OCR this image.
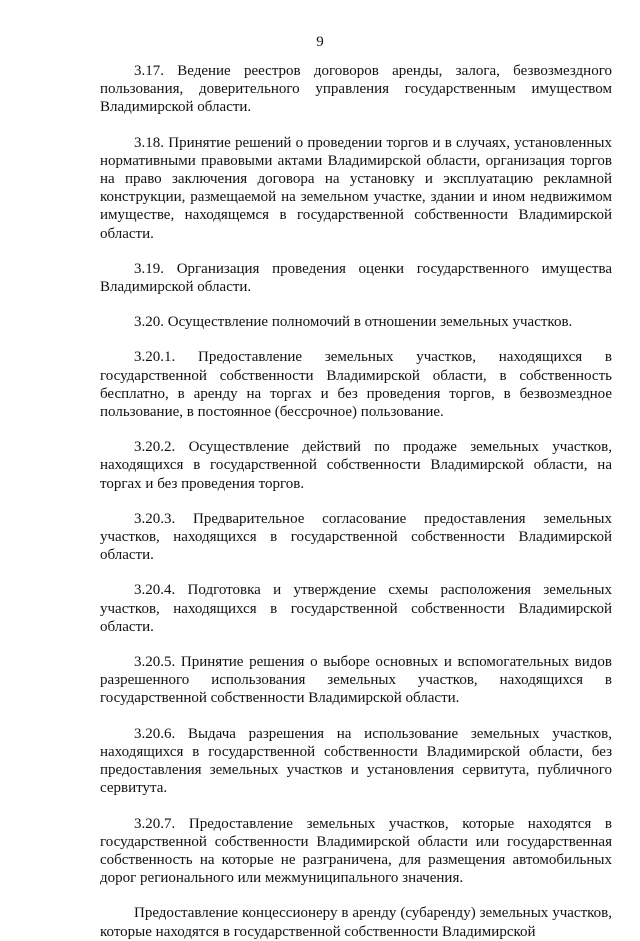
9

3.17. Ведение реестров договоров аренды, залога, безвозмездного пользования, доверительного управления государственным имуществом Владимирской области.

3.18. Принятие решений о проведении торгов и в случаях, установленных нормативными правовыми актами Владимирской области, организация торгов на право заключения договора на установку и эксплуатацию рекламной конструкции, размещаемой на земельном участке, здании и ином недвижимом имуществе, находящемся в государственной собственности Владимирской области.

3.19. Организация проведения оценки государственного имущества Владимирской области.

3.20. Осуществление полномочий в отношении земельных участков.

3.20.1. Предоставление земельных участков, находящихся в государственной собственности Владимирской области, в собственность бесплатно, в аренду на торгах и без проведения торгов, в безвозмездное пользование, в постоянное (бессрочное) пользование.

3.20.2. Осуществление действий по продаже земельных участков, находящихся в государственной собственности Владимирской области, на торгах и без проведения торгов.

3.20.3. Предварительное согласование предоставления земельных участков, находящихся в государственной собственности Владимирской области.

3.20.4. Подготовка и утверждение схемы расположения земельных участков, находящихся в государственной собственности Владимирской области.

3.20.5. Принятие решения о выборе основных и вспомогательных видов разрешенного использования земельных участков, находящихся в государственной собственности Владимирской области.

3.20.6. Выдача разрешения на использование земельных участков, находящихся в государственной собственности Владимирской области, без предоставления земельных участков и установления сервитута, публичного сервитута.

3.20.7. Предоставление земельных участков, которые находятся в государственной собственности Владимирской области или государственная собственность на которые не разграничена, для размещения автомобильных дорог регионального или межмуниципального значения.

Предоставление концессионеру в аренду (субаренду) земельных участков, которые находятся в государственной собственности Владимирской
